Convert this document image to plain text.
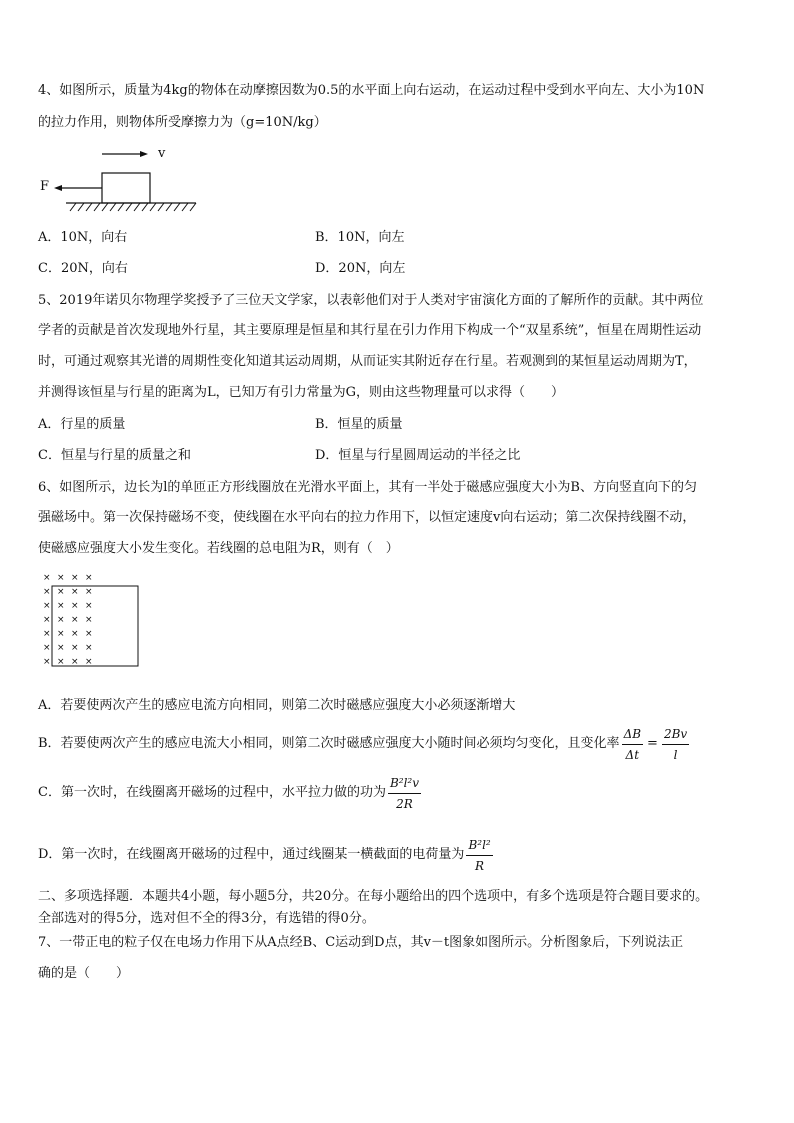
4、如图所示，质量为4kg的物体在动摩擦因数为0.5的水平面上向右运动，在运动过程中受到水平向左、大小为10N
的拉力作用，则物体所受摩擦力为（g=10N/kg）
v
F
A．10N，向右	B．10N，向左
C．20N，向右	D．20N，向左
5、2019年诺贝尔物理学奖授予了三位天文学家，以表彰他们对于人类对宇宙演化方面的了解所作的贡献。其中两位
学者的贡献是首次发现地外行星，其主要原理是恒星和其行星在引力作用下构成一个“双星系统”，恒星在周期性运动
时，可通过观察其光谱的周期性变化知道其运动周期，从而证实其附近存在行星。若观测到的某恒星运动周期为T，
并测得该恒星与行星的距离为L，已知万有引力常量为G，则由这些物理量可以求得（　　）
A．行星的质量	B．恒星的质量
C．恒星与行星的质量之和	D．恒星与行星圆周运动的半径之比
6、如图所示，边长为l的单匝正方形线圈放在光滑水平面上，其有一半处于磁感应强度大小为B、方向竖直向下的匀
强磁场中。第一次保持磁场不变，使线圈在水平向右的拉力作用下，以恒定速度v向右运动；第二次保持线圈不动，
使磁感应强度大小发生变化。若线圈的总电阻为R，则有（　）
× × × ×
× × × ×
× × × ×
× × × ×
× × × ×
× × × ×
× × × ×
A．若要使两次产生的感应电流方向相同，则第二次时磁感应强度大小必须逐渐增大
B．若要使两次产生的感应电流大小相同，则第二次时磁感应强度大小随时间必须均匀变化，且变化率 $\frac{\Delta B}{\Delta t} = \frac{2Bv}{l}$
C．第一次时，在线圈离开磁场的过程中，水平拉力做的功为 $\frac{\text{B²l²v}}{2R}$
D．第一次时，在线圈离开磁场的过程中，通过线圈某一横截面的电荷量为 $\frac{\text{B²l²}}{R}$
二、多项选择题．本题共4小题，每小题5分，共20分。在每小题给出的四个选项中，有多个选项是符合题目要求的。
全部选对的得5分，选对但不全的得3分，有选错的得0分。
7、一带正电的粒子仅在电场力作用下从A点经B、C运动到D点，其v－t图象如图所示。分析图象后，下列说法正
确的是（　　）
